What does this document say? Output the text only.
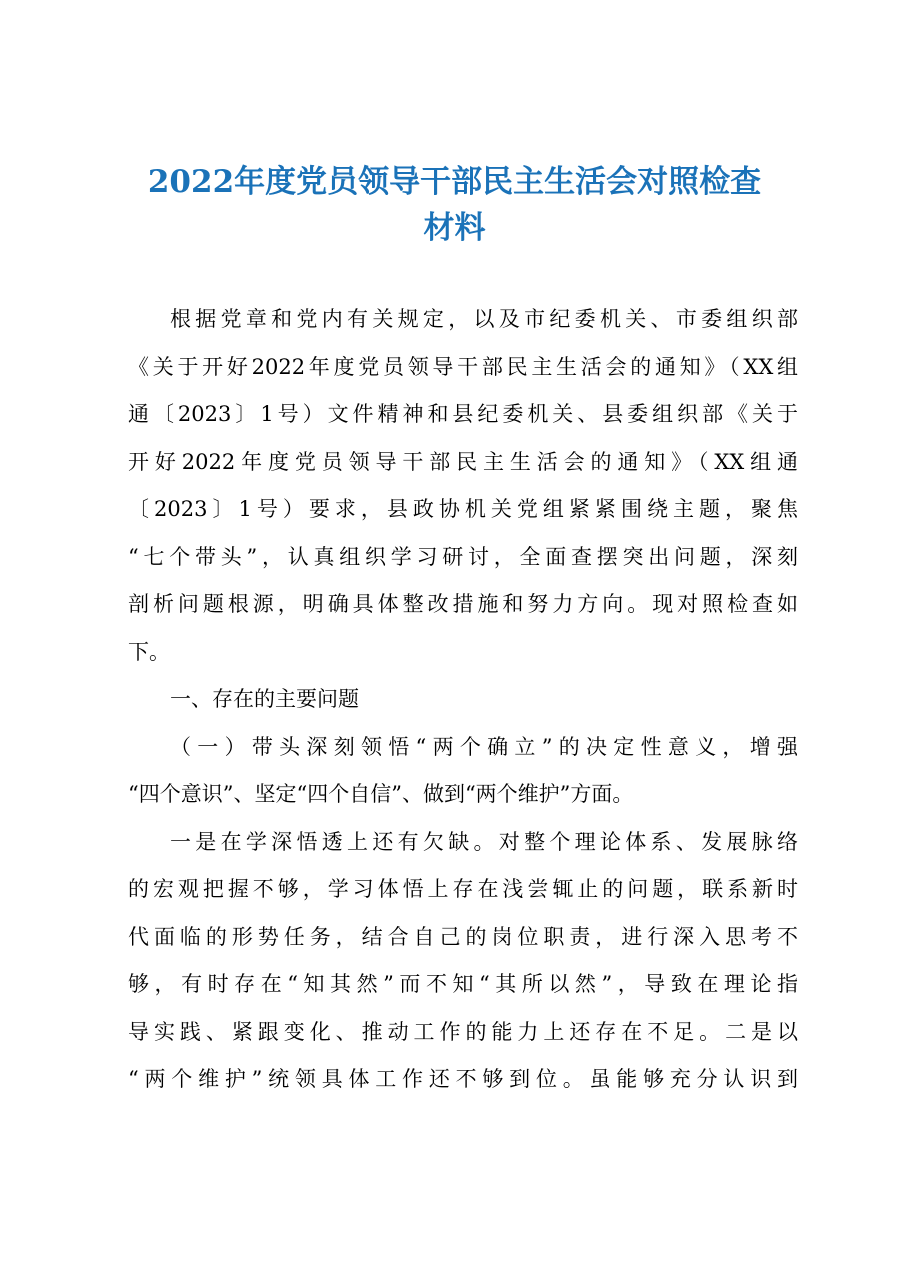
2022年度党员领导干部民主生活会对照检查
材料
根据党章和党内有关规定，以及市纪委机关、市委组织部
《关于开好2022年度党员领导干部民主生活会的通知》（XX组
通〔2023〕1号）文件精神和县纪委机关、县委组织部《关于
开好2022年度党员领导干部民主生活会的通知》（XX组通
〔2023〕1号）要求，县政协机关党组紧紧围绕主题，聚焦
“七个带头”，认真组织学习研讨，全面查摆突出问题，深刻
剖析问题根源，明确具体整改措施和努力方向。现对照检查如
下。
一、存在的主要问题
（一）带头深刻领悟“两个确立”的决定性意义，增强
“四个意识”、坚定“四个自信”、做到“两个维护”方面。
一是在学深悟透上还有欠缺。对整个理论体系、发展脉络
的宏观把握不够，学习体悟上存在浅尝辄止的问题，联系新时
代面临的形势任务，结合自己的岗位职责，进行深入思考不
够，有时存在“知其然”而不知“其所以然”，导致在理论指
导实践、紧跟变化、推动工作的能力上还存在不足。二是以
“两个维护”统领具体工作还不够到位。虽能够充分认识到
